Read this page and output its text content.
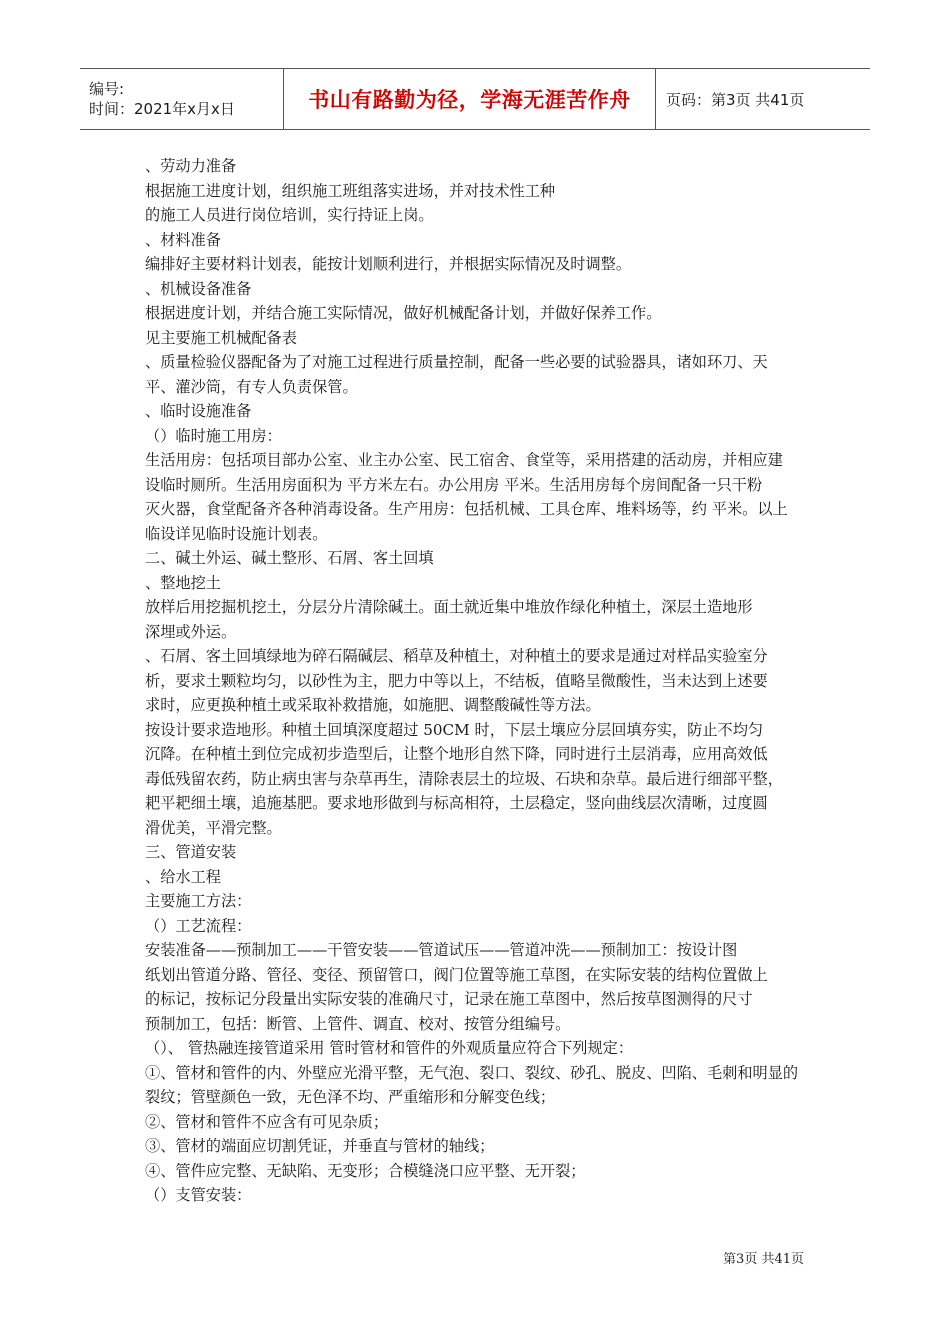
编号:
时间：2021年x月x日	书山有路勤为径，学海无涯苦作舟 页码：第3页 共41页

、劳动力准备

根据施工进度计划，组织施工班组落实进场，并对技术性工种

的施工人员进行岗位培训，实行持证上岗。

、材料准备

编排好主要材料计划表，能按计划顺利进行，并根据实际情况及时调整。

、机械设备准备

根据进度计划，并结合施工实际情况，做好机械配备计划，并做好保养工作。

见主要施工机械配备表

、质量检验仪器配备为了对施工过程进行质量控制，配备一些必要的试验器具，诸如环刀、天

平、灌沙筒，有专人负责保管。

、临时设施准备

（）临时施工用房：

生活用房：包括项目部办公室、业主办公室、民工宿舍、食堂等，采用搭建的活动房，并相应建

设临时厕所。生活用房面积为 平方米左右。办公用房 平米。生活用房每个房间配备一只干粉

灭火器，食堂配备齐各种消毒设备。生产用房：包括机械、工具仓库、堆料场等，约 平米。以上

临设详见临时设施计划表。

二、碱土外运、碱土整形、石屑、客土回填

、整地挖土

放样后用挖掘机挖土，分层分片清除碱土。面土就近集中堆放作绿化种植土，深层土造地形

深埋或外运。

、石屑、客土回填绿地为碎石隔碱层、稻草及种植土，对种植土的要求是通过对样品实验室分

析，要求土颗粒均匀，以砂性为主，肥力中等以上，不结板，值略呈微酸性，当未达到上述要

求时，应更换种植土或采取补救措施，如施肥、调整酸碱性等方法。

按设计要求造地形。种植土回填深度超过 50CM 时，下层土壤应分层回填夯实，防止不均匀

沉降。在种植土到位完成初步造型后，让整个地形自然下降，同时进行土层消毒，应用高效低

毒低残留农药，防止病虫害与杂草再生，清除表层土的垃圾、石块和杂草。最后进行细部平整，

耙平耙细土壤，追施基肥。要求地形做到与标高相符，土层稳定，竖向曲线层次清晰，过度圆

滑优美，平滑完整。

三、管道安装

、给水工程

主要施工方法：

（）工艺流程：

安装准备——预制加工——干管安装——管道试压——管道冲洗——预制加工：按设计图

纸划出管道分路、管径、变径、预留管口，阀门位置等施工草图，在实际安装的结构位置做上

的标记，按标记分段量出实际安装的准确尺寸，记录在施工草图中，然后按草图测得的尺寸

预制加工，包括：断管、上管件、调直、校对、按管分组编号。

（）、 管热融连接管道采用 管时管材和管件的外观质量应符合下列规定：

①、管材和管件的内、外壁应光滑平整，无气泡、裂口、裂纹、砂孔、脱皮、凹陷、毛刺和明显的

裂纹；管壁颜色一致，无色泽不均、严重缩形和分解变色线；

②、管材和管件不应含有可见杂质；

③、管材的端面应切割凭证，并垂直与管材的轴线；

④、管件应完整、无缺陷、无变形；合模缝浇口应平整、无开裂；

（）支管安装：

第3页 共41页
